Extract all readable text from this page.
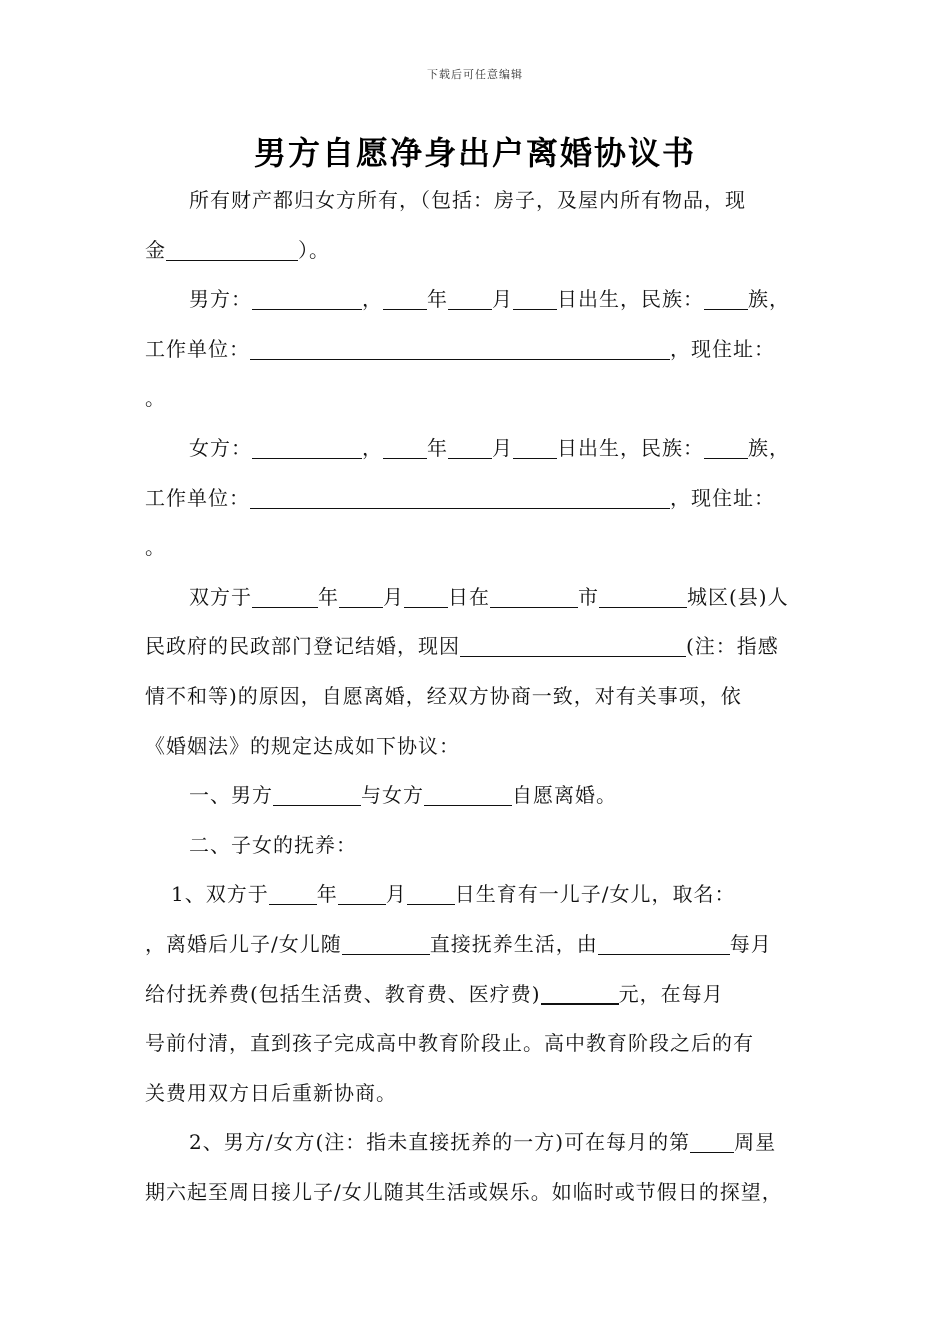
下载后可任意编辑
男方自愿净身出户离婚协议书
所有财产都归女方所有，（包括：房子，及屋内所有物品，现
金	）。
男方：	， 年 月 日出生，民族： 族，
工作单位：	，现住址：
。
女方：	， 年 月 日出生，民族： 族，
工作单位：	，现住址：
。
双方于	年 月 日在	市	城区(县)人
民政府的民政部门登记结婚，现因	(注：指感
情不和等)的原因，自愿离婚，经双方协商一致，对有关事项，依
《婚姻法》的规定达成如下协议：
一、男方	与女方	自愿离婚。
二、子女的抚养：
1、双方于 年 月 日生育有一儿子/女儿，取名：
，离婚后儿子/女儿随	直接抚养生活，由	每月
给付抚养费(包括生活费、教育费、医疗费)	元，在每月
号前付清，直到孩子完成高中教育阶段止。高中教育阶段之后的有
关费用双方日后重新协商。
2、男方/女方(注：指未直接抚养的一方)可在每月的第 周星
期六起至周日接儿子/女儿随其生活或娱乐。如临时或节假日的探望，
